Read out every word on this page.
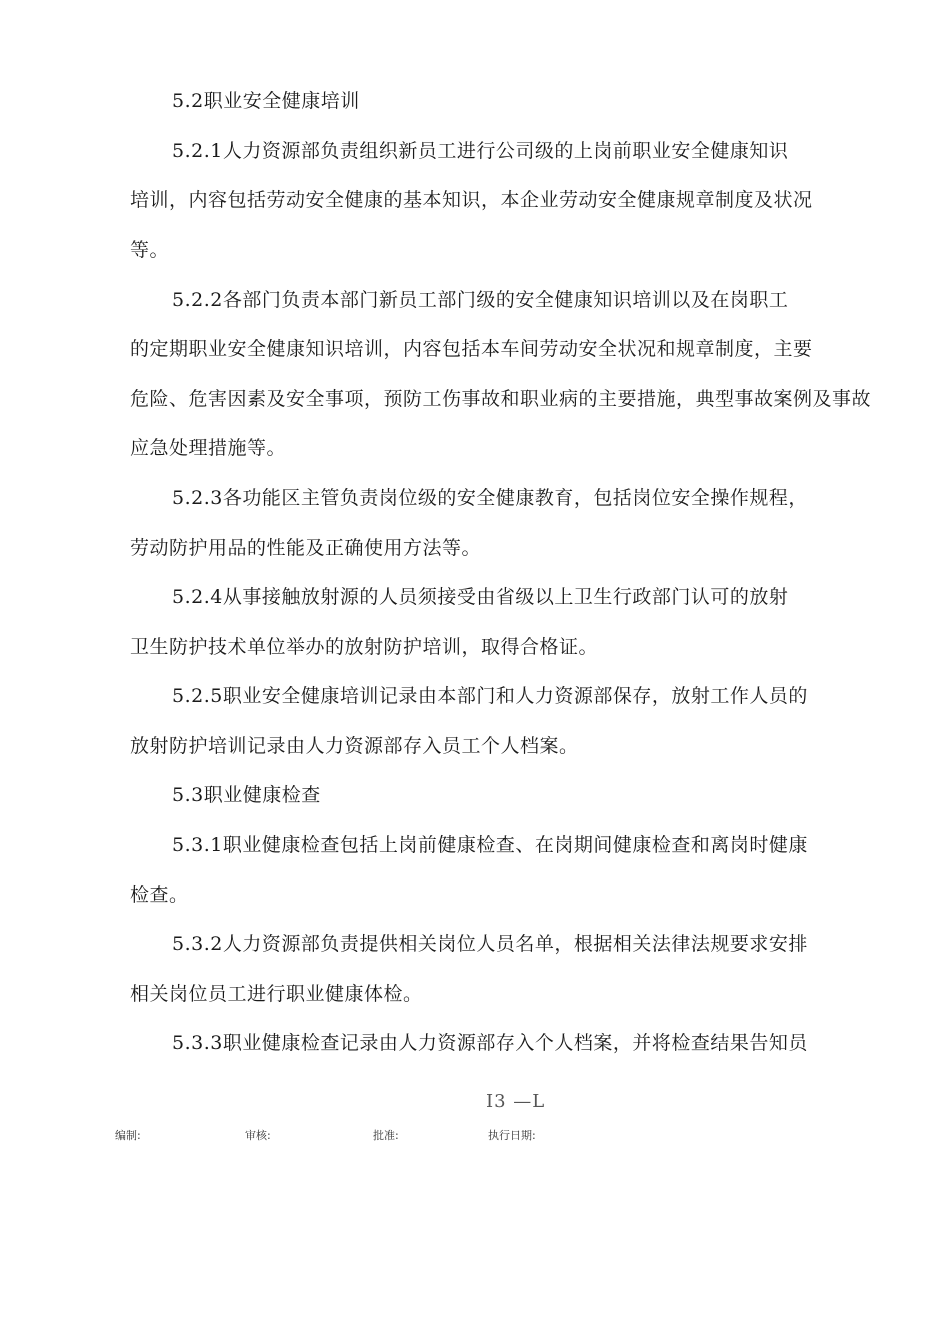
5.2职业安全健康培训
5.2.1人力资源部负责组织新员工进行公司级的上岗前职业安全健康知识
培训，内容包括劳动安全健康的基本知识，本企业劳动安全健康规章制度及状况
等。
5.2.2各部门负责本部门新员工部门级的安全健康知识培训以及在岗职工
的定期职业安全健康知识培训，内容包括本车间劳动安全状况和规章制度，主要
危险、危害因素及安全事项，预防工伤事故和职业病的主要措施，典型事故案例及事故
应急处理措施等。
5.2.3各功能区主管负责岗位级的安全健康教育，包括岗位安全操作规程，
劳动防护用品的性能及正确使用方法等。
5.2.4从事接触放射源的人员须接受由省级以上卫生行政部门认可的放射
卫生防护技术单位举办的放射防护培训，取得合格证。
5.2.5职业安全健康培训记录由本部门和人力资源部保存，放射工作人员的
放射防护培训记录由人力资源部存入员工个人档案。
5.3职业健康检查
5.3.1职业健康检查包括上岗前健康检查、在岗期间健康检查和离岗时健康
检查。
5.3.2人力资源部负责提供相关岗位人员名单，根据相关法律法规要求安排
相关岗位员工进行职业健康体检。
5.3.3职业健康检查记录由人力资源部存入个人档案，并将检查结果告知员
I3 —L
编制:	审核:	批准:	执行日期:
